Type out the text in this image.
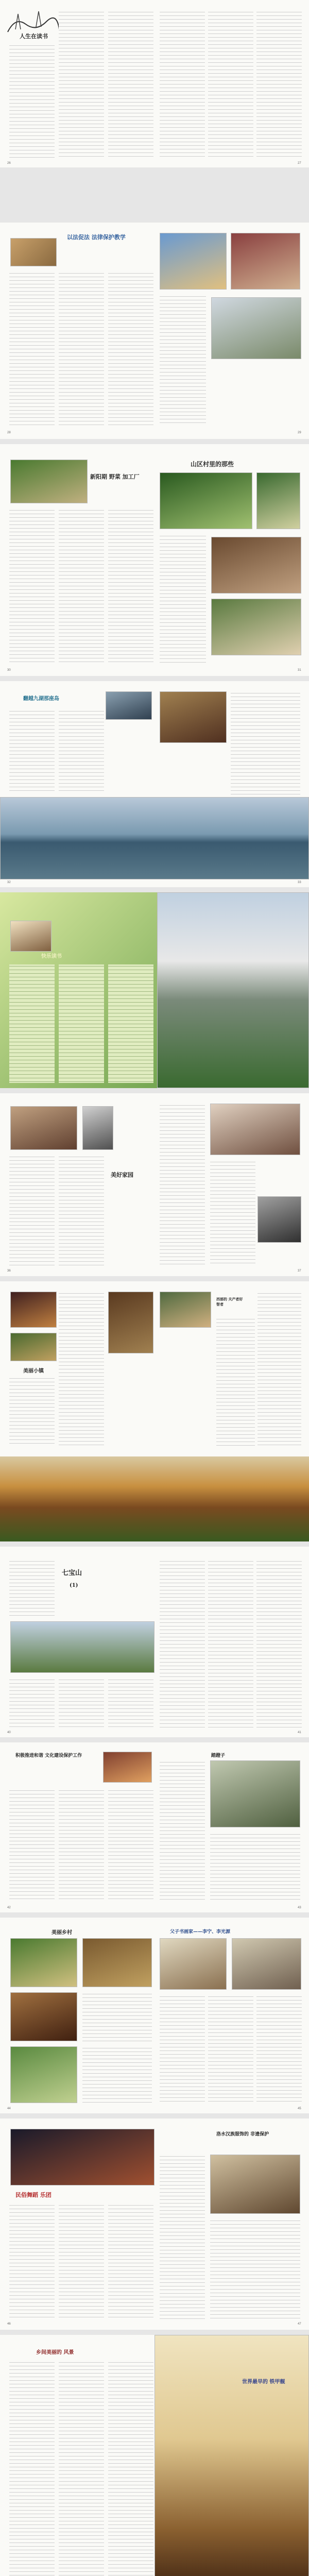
人生在读书
26	27
以法促法 法律保护教学
28	29
新阳期 野菜 加工厂
山区村里的那些
30	31
翻越九湖那座岛
32	33
快乐读书
美好家园
36	37
美丽小镇
西部的 夫产者好 智者
七宝山
(1)
40	41
积极推进和谐 文化建设保护工作	踏蹬子
42	43
美丽乡村	父子书画家——李宁、李光源
44	45
民俗舞蹈 乐团
洛水汉族服饰的 非遗保护
46	47
乡间美丽的 风景
世界最早的 铁甲舰
